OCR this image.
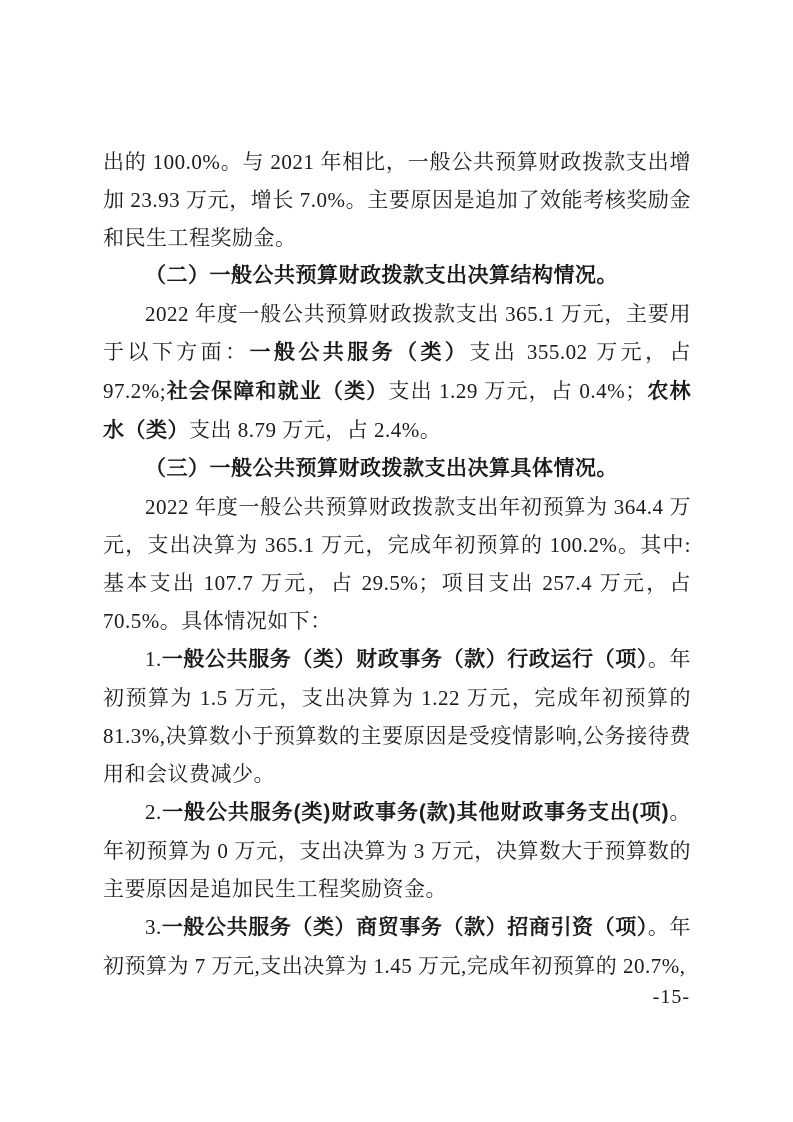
出的 100.0%。与 2021 年相比，一般公共预算财政拨款支出增加 23.93 万元，增长 7.0%。主要原因是追加了效能考核奖励金和民生工程奖励金。
（二）一般公共预算财政拨款支出决算结构情况。
2022 年度一般公共预算财政拨款支出 365.1 万元，主要用于以下方面：一般公共服务（类）支出 355.02 万元，占 97.2%;社会保障和就业（类）支出 1.29 万元，占 0.4%；农林水（类）支出 8.79 万元，占 2.4%。
（三）一般公共预算财政拨款支出决算具体情况。
2022 年度一般公共预算财政拨款支出年初预算为 364.4 万元，支出决算为 365.1 万元，完成年初预算的 100.2%。其中:基本支出 107.7 万元，占 29.5%；项目支出 257.4 万元，占 70.5%。具体情况如下：
1.一般公共服务（类）财政事务（款）行政运行（项）。年初预算为 1.5 万元，支出决算为 1.22 万元，完成年初预算的 81.3%,决算数小于预算数的主要原因是受疫情影响,公务接待费用和会议费减少。
2.一般公共服务(类)财政事务(款)其他财政事务支出(项)。年初预算为 0 万元，支出决算为 3 万元，决算数大于预算数的主要原因是追加民生工程奖励资金。
3.一般公共服务（类）商贸事务（款）招商引资（项）。年初预算为 7 万元,支出决算为 1.45 万元,完成年初预算的 20.7%,
-15-
